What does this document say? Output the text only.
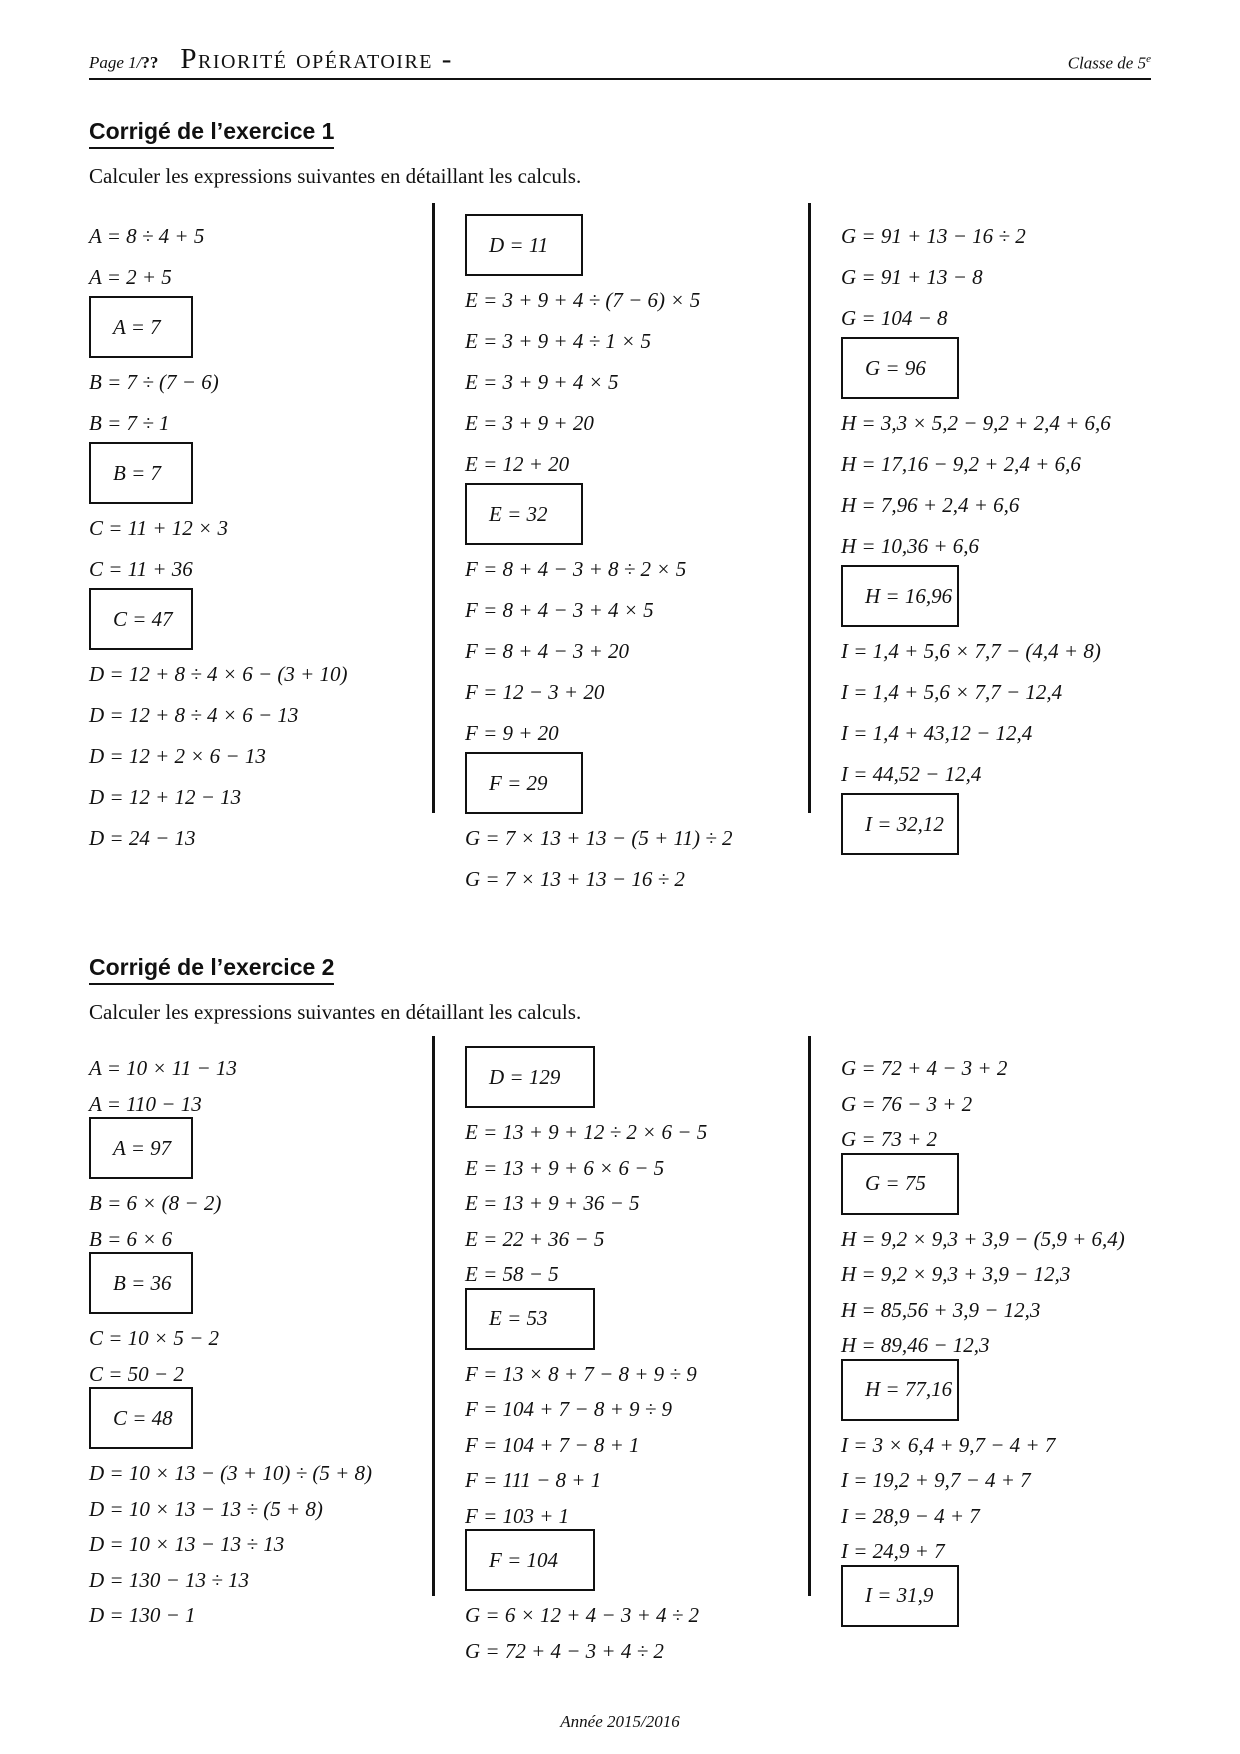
Page 1/?? Priorité opératoire -	Classe de 5e
Corrigé de l’exercice 1
Calculer les expressions suivantes en détaillant les calculs.
A = 8 ÷ 4 + 5
A = 2 + 5
A = 7
B = 7 ÷ (7 − 6)
B = 7 ÷ 1
B = 7
C = 11 + 12 × 3
C = 11 + 36
C = 47
D = 12 + 8 ÷ 4 × 6 − (3 + 10)
D = 12 + 8 ÷ 4 × 6 − 13
D = 12 + 2 × 6 − 13
D = 12 + 12 − 13
D = 24 − 13
D = 11
E = 3 + 9 + 4 ÷ (7 − 6) × 5
E = 3 + 9 + 4 ÷ 1 × 5
E = 3 + 9 + 4 × 5
E = 3 + 9 + 20
E = 12 + 20
E = 32
F = 8 + 4 − 3 + 8 ÷ 2 × 5
F = 8 + 4 − 3 + 4 × 5
F = 8 + 4 − 3 + 20
F = 12 − 3 + 20
F = 9 + 20
F = 29
G = 7 × 13 + 13 − (5 + 11) ÷ 2
G = 7 × 13 + 13 − 16 ÷ 2
G = 91 + 13 − 16 ÷ 2
G = 91 + 13 − 8
G = 104 − 8
G = 96
H = 3,3 × 5,2 − 9,2 + 2,4 + 6,6
H = 17,16 − 9,2 + 2,4 + 6,6
H = 7,96 + 2,4 + 6,6
H = 10,36 + 6,6
H = 16,96
I = 1,4 + 5,6 × 7,7 − (4,4 + 8)
I = 1,4 + 5,6 × 7,7 − 12,4
I = 1,4 + 43,12 − 12,4
I = 44,52 − 12,4
I = 32,12
Corrigé de l’exercice 2
Calculer les expressions suivantes en détaillant les calculs.
A = 10 × 11 − 13
A = 110 − 13
A = 97
B = 6 × (8 − 2)
B = 6 × 6
B = 36
C = 10 × 5 − 2
C = 50 − 2
C = 48
D = 10 × 13 − (3 + 10) ÷ (5 + 8)
D = 10 × 13 − 13 ÷ (5 + 8)
D = 10 × 13 − 13 ÷ 13
D = 130 − 13 ÷ 13
D = 130 − 1
D = 129
E = 13 + 9 + 12 ÷ 2 × 6 − 5
E = 13 + 9 + 6 × 6 − 5
E = 13 + 9 + 36 − 5
E = 22 + 36 − 5
E = 58 − 5
E = 53
F = 13 × 8 + 7 − 8 + 9 ÷ 9
F = 104 + 7 − 8 + 9 ÷ 9
F = 104 + 7 − 8 + 1
F = 111 − 8 + 1
F = 103 + 1
F = 104
G = 6 × 12 + 4 − 3 + 4 ÷ 2
G = 72 + 4 − 3 + 4 ÷ 2
G = 72 + 4 − 3 + 2
G = 76 − 3 + 2
G = 73 + 2
G = 75
H = 9,2 × 9,3 + 3,9 − (5,9 + 6,4)
H = 9,2 × 9,3 + 3,9 − 12,3
H = 85,56 + 3,9 − 12,3
H = 89,46 − 12,3
H = 77,16
I = 3 × 6,4 + 9,7 − 4 + 7
I = 19,2 + 9,7 − 4 + 7
I = 28,9 − 4 + 7
I = 24,9 + 7
I = 31,9
Année 2015/2016
